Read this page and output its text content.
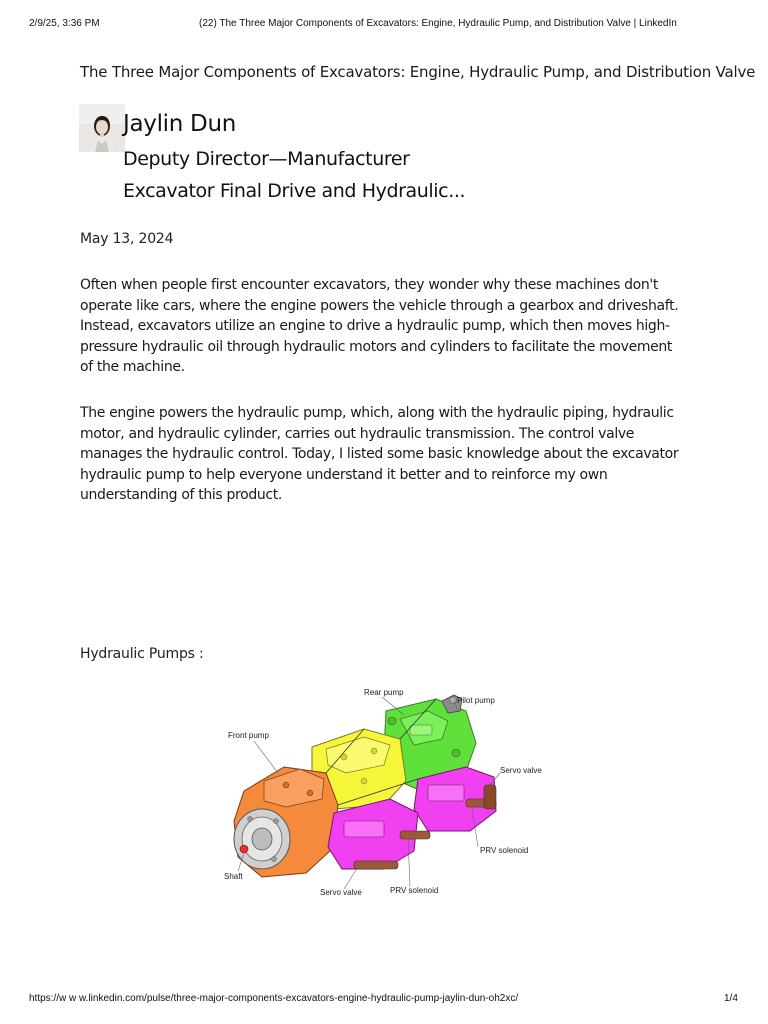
2/9/25, 3:36 PM	(22) The Three Major Components of Excavators: Engine, Hydraulic Pump, and Distribution Valve | LinkedIn
The Three Major Components of Excavators: Engine, Hydraulic Pump, and Distribution Valve
Jaylin Dun
Deputy Director—Manufacturer
Excavator Final Drive and Hydraulic...
May 13, 2024

Often when people first encounter excavators, they wonder why these machines don't operate like cars, where the engine powers the vehicle through a gearbox and driveshaft. Instead, excavators utilize an engine to drive a hydraulic pump, which then moves high-pressure hydraulic oil through hydraulic motors and cylinders to facilitate the movement of the machine.

The engine powers the hydraulic pump, which, along with the hydraulic piping, hydraulic motor, and hydraulic cylinder, carries out hydraulic transmission. The control valve manages the hydraulic control. Today, I listed some basic knowledge about the excavator hydraulic pump to help everyone understand it better and to reinforce my own understanding of this product.

Hydraulic Pumps :
Rear pump
Pilot pump
Front pump
Servo valve
PRV solenoid
Shaft
Servo valve	PRV solenoid
https://w w w.linkedin.com/pulse/three-major-components-excavators-engine-hydraulic-pump-jaylin-dun-oh2xc/	1/4
